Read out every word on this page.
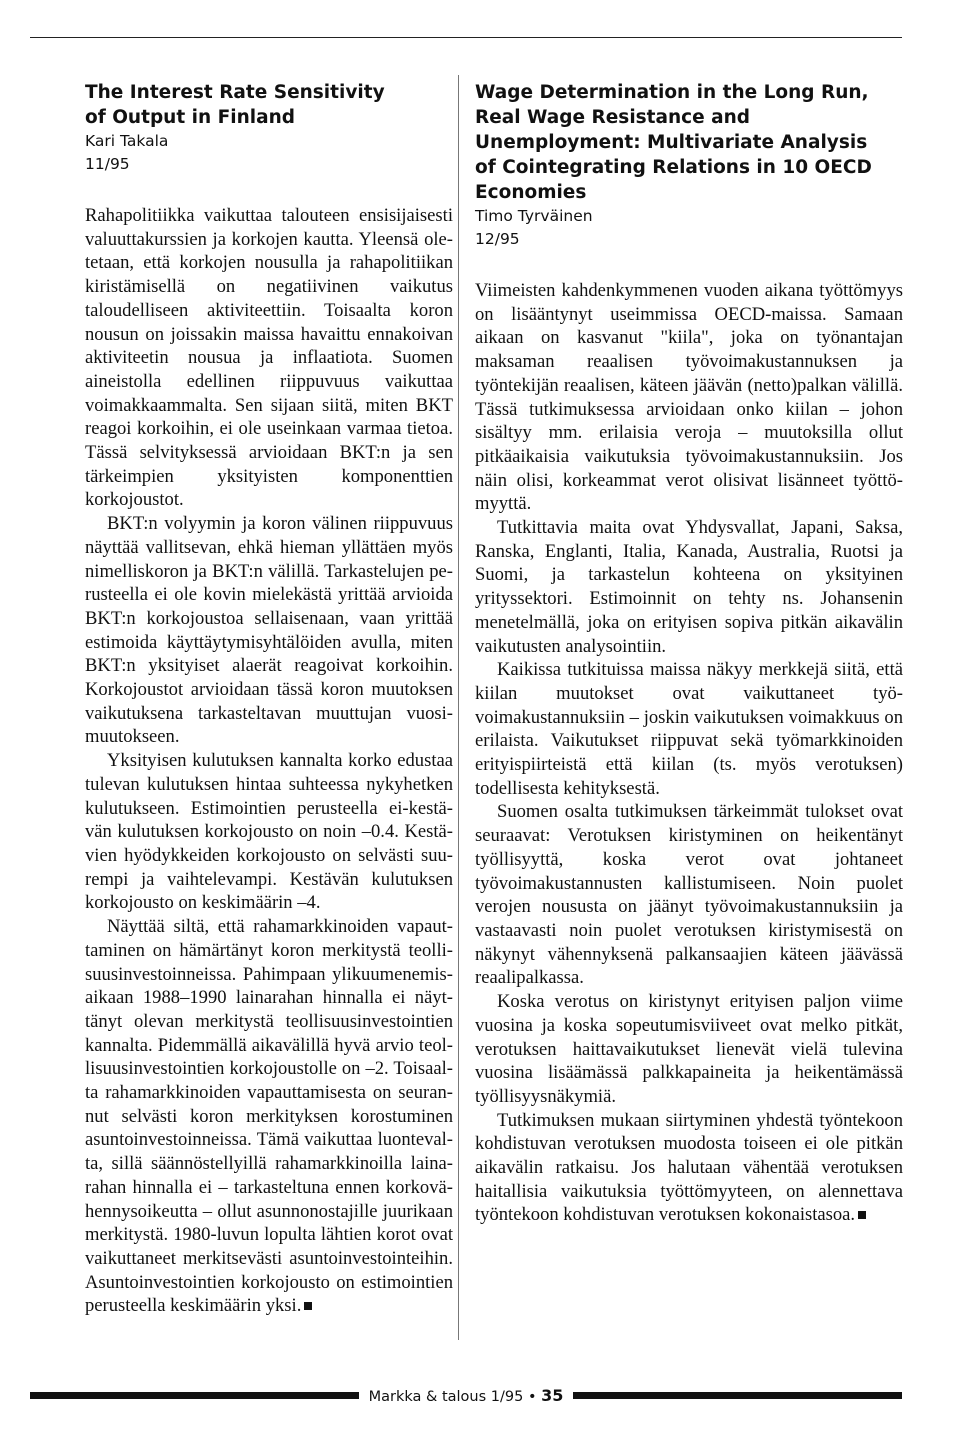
The Interest Rate Sensitivity of Output in Finland

Kari Takala

11/95

Rahapolitiikka vaikuttaa talouteen ensisijaisesti valuuttakurssien ja korkojen kautta. Yleensä oletetaan, että korkojen nousulla ja rahapolitiikan kiristämisellä on negatiivinen vaikutus taloudelliseen aktiviteettiin. Toisaalta koron nousun on joissakin maissa havaittu ennakoivan aktiviteetin nousua ja inflaatiota. Suomen aineistolla edellinen riippuvuus vaikuttaa voimakkaammalta. Sen sijaan siitä, miten BKT reagoi korkoihin, ei ole useinkaan varmaa tietoa. Tässä selvityksessä arvioidaan BKT:n ja sen tärkeimpien yksityisten komponenttien korkojoustot.

BKT:n volyymin ja koron välinen riippuvuus näyttää vallitsevan, ehkä hieman yllättäen myös nimelliskoron ja BKT:n välillä. Tarkastelujen perusteella ei ole kovin mielekästä yrittää arvioida BKT:n korkojoustoa sellaisenaan, vaan yrittää estimoida käyttäytymisyhtälöiden avulla, miten BKT:n yksityiset alaerät reagoivat korkoihin. Korkojoustot arvioidaan tässä koron muutoksen vaikutuksena tarkasteltavan muuttujan vuosimuutokseen.

Yksityisen kulutuksen kannalta korko edustaa tulevan kulutuksen hintaa suhteessa nykyhetken kulutukseen. Estimointien perusteella ei-kestävän kulutuksen korkojousto on noin –0.4. Kestävien hyödykkeiden korkojousto on selvästi suurempi ja vaihtelevampi. Kestävän kulutuksen korkojousto on keskimäärin –4.

Näyttää siltä, että rahamarkkinoiden vapauttaminen on hämärtänyt koron merkitystä teollisuusinvestoinneissa. Pahimpaan ylikuumenemisaikaan 1988–1990 lainarahan hinnalla ei näyttänyt olevan merkitystä teollisuusinvestointien kannalta. Pidemmällä aikavälillä hyvä arvio teollisuusinvestointien korkojoustolle on –2. Toisaalta rahamarkkinoiden vapauttamisesta on seurannut selvästi koron merkityksen korostuminen asuntoinvestoinneissa. Tämä vaikuttaa luontevalta, sillä säännöstellyillä rahamarkkinoilla lainarahan hinnalla ei – tarkasteltuna ennen korkovähennysoikeutta – ollut asunnonostajille juurikaan merkitystä. 1980-luvun lopulta lähtien korot ovat vaikuttaneet merkitsevästi asuntoinvestointeihin. Asuntoinvestointien korkojousto on estimointien perusteella keskimäärin yksi.

Wage Determination in the Long Run, Real Wage Resistance and Unemployment: Multivariate Analysis of Cointegrating Relations in 10 OECD Economies

Timo Tyrväinen

12/95

Viimeisten kahdenkymmenen vuoden aikana työttömyys on lisääntynyt useimmissa OECD-maissa. Samaan aikaan on kasvanut "kiila", joka on työnantajan maksaman reaalisen työvoimakustannuksen ja työntekijän reaalisen, käteen jäävän (netto)palkan välillä. Tässä tutkimuksessa arvioidaan onko kiilan – johon sisältyy mm. erilaisia veroja – muutoksilla ollut pitkäaikaisia vaikutuksia työvoimakustannuksiin. Jos näin olisi, korkeammat verot olisivat lisänneet työttömyyttä.

Tutkittavia maita ovat Yhdysvallat, Japani, Saksa, Ranska, Englanti, Italia, Kanada, Australia, Ruotsi ja Suomi, ja tarkastelun kohteena on yksityinen yrityssektori. Estimoinnit on tehty ns. Johansenin menetelmällä, joka on erityisen sopiva pitkän aikavälin vaikutusten analysointiin.

Kaikissa tutkituissa maissa näkyy merkkejä siitä, että kiilan muutokset ovat vaikuttaneet työvoimakustannuksiin – joskin vaikutuksen voimakkuus on erilaista. Vaikutukset riippuvat sekä työmarkkinoiden erityispiirteistä että kiilan (ts. myös verotuksen) todellisesta kehityksestä.

Suomen osalta tutkimuksen tärkeimmät tulokset ovat seuraavat: Verotuksen kiristyminen on heikentänyt työllisyyttä, koska verot ovat johtaneet työvoimakustannusten kallistumiseen. Noin puolet verojen noususta on jäänyt työvoimakustannuksiin ja vastaavasti noin puolet verotuksen kiristymisestä on näkynyt vähennyksenä palkansaajien käteen jäävässä reaalipalkassa.

Koska verotus on kiristynyt erityisen paljon viime vuosina ja koska sopeutumisviiveet ovat melko pitkät, verotuksen haittavaikutukset lienevät vielä tulevina vuosina lisäämässä palkkapaineita ja heikentämässä työllisyysnäkymiä.

Tutkimuksen mukaan siirtyminen yhdestä työntekoon kohdistuvan verotuksen muodosta toiseen ei ole pitkän aikavälin ratkaisu. Jos halutaan vähentää verotuksen haitallisia vaikutuksia työttömyyteen, on alennettava työntekoon kohdistuvan verotuksen kokonaistasoa.

Markka & talous 1/95 • 35
